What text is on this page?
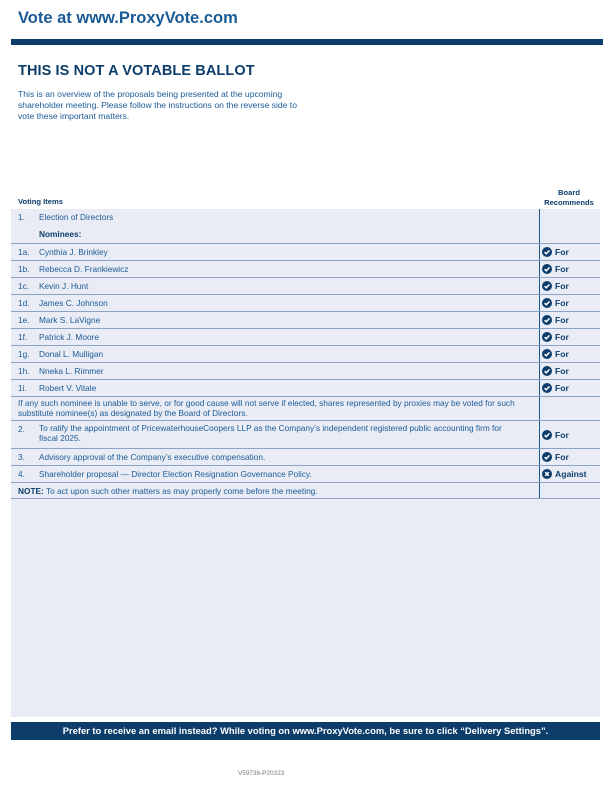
Vote at www.ProxyVote.com
THIS IS NOT A VOTABLE BALLOT
This is an overview of the proposals being presented at the upcoming shareholder meeting. Please follow the instructions on the reverse side to vote these important matters.
Voting Items
Board
Recommends
1. Election of Directors
Nominees:
1a. Cynthia J. Brinkley	For
1b. Rebecca D. Frankiewicz	For
1c. Kevin J. Hunt	For
1d. James C. Johnson	For
1e. Mark S. LaVigne	For
1f. Patrick J. Moore	For
1g. Donal L. Mulligan	For
1h. Nneka L. Rimmer	For
1i. Robert V. Vitale	For
If any such nominee is unable to serve, or for good cause will not serve if elected, shares represented by proxies may be voted for such substitute nominee(s) as designated by the Board of Directors.
2. To ratify the appointment of PricewaterhouseCoopers LLP as the Company’s independent registered public accounting firm for fiscal 2025.	For
3. Advisory approval of the Company’s executive compensation.	For
4. Shareholder proposal — Director Election Resignation Governance Policy.	Against
NOTE: To act upon such other matters as may properly come before the meeting.
Prefer to receive an email instead? While voting on www.ProxyVote.com, be sure to click “Delivery Settings”.
V59736-P20323
